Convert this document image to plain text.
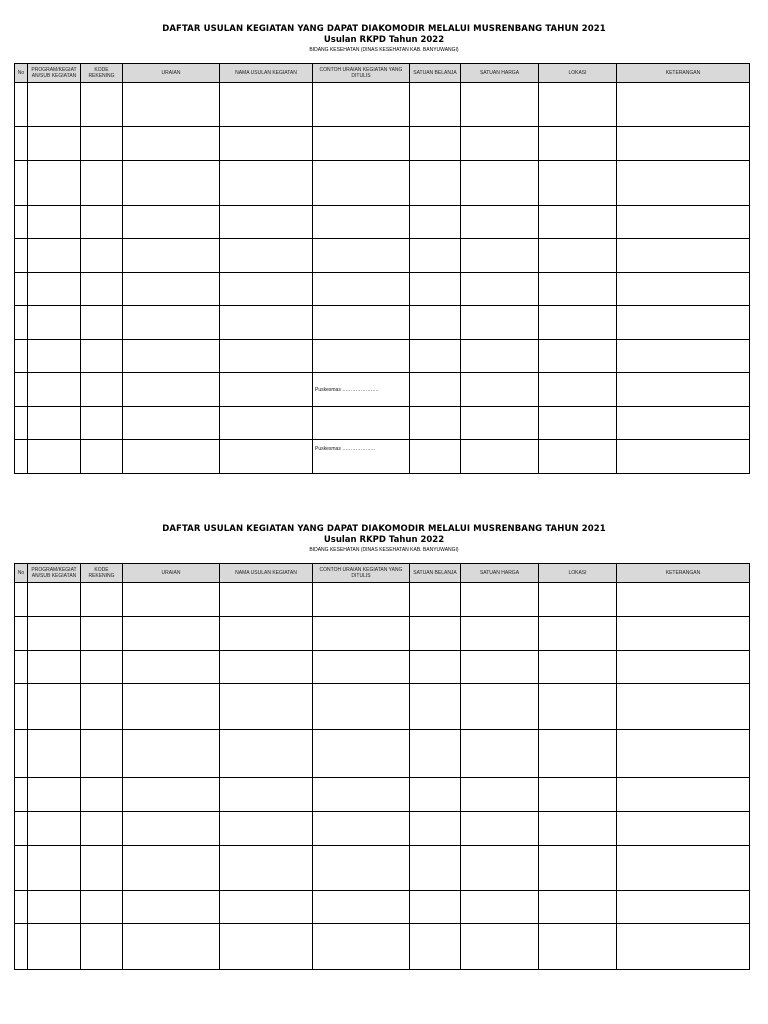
DAFTAR USULAN KEGIATAN YANG DAPAT DIAKOMODIR MELALUI MUSRENBANG TAHUN 2021
Usulan RKPD Tahun 2022
BIDANG KESEHATAN (DINAS KESEHATAN KAB. BANYUWANGI)
No	PROGRAM/KEGIAT AN/SUB KEGIATAN	KODE REKENING	URAIAN	NAMA USULAN KEGIATAN	CONTOH URAIAN KEGIATAN YANG DITULIS	SATUAN BELANJA	SATUAN HARGA	LOKASI	KETERANGAN

					Puskesmas ………………….				

					Puskesmas ………………..				
DAFTAR USULAN KEGIATAN YANG DAPAT DIAKOMODIR MELALUI MUSRENBANG TAHUN 2021
Usulan RKPD Tahun 2022
BIDANG KESEHATAN (DINAS KESEHATAN KAB. BANYUWANGI)
No	PROGRAM/KEGIAT AN/SUB KEGIATAN	KODE REKENING	URAIAN	NAMA USULAN KEGIATAN	CONTOH URAIAN KEGIATAN YANG DITULIS	SATUAN BELANJA	SATUAN HARGA	LOKASI	KETERANGAN
